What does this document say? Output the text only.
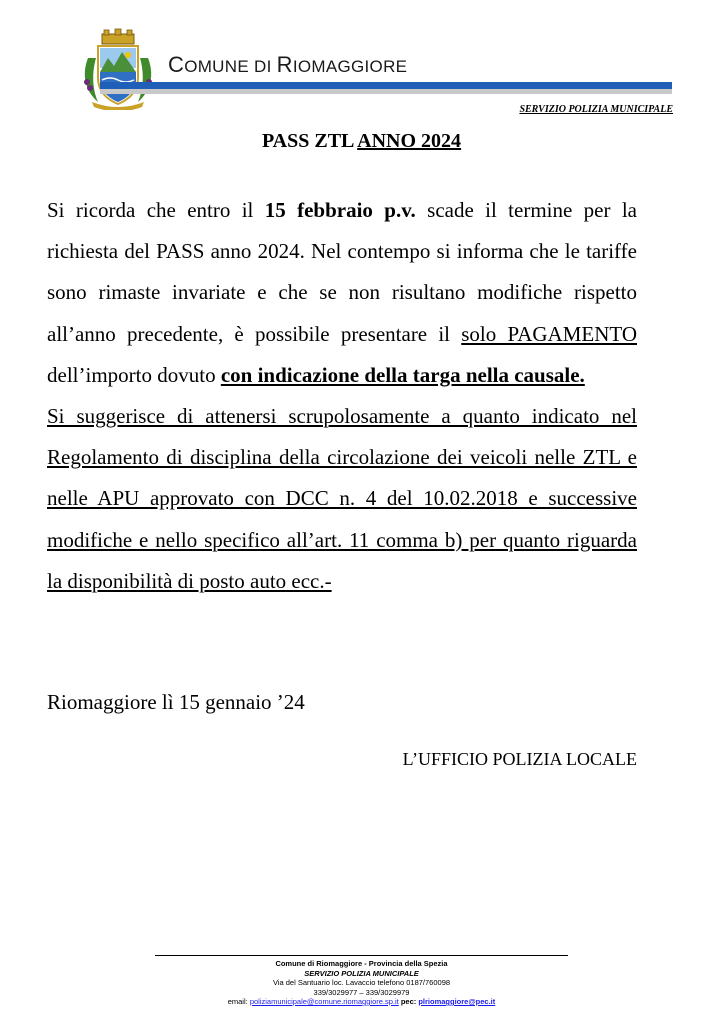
COMUNE DI RIOMAGGIORE
SERVIZIO POLIZIA MUNICIPALE
PASS ZTL ANNO 2024

Si ricorda che entro il 15 febbraio p.v. scade il termine per la richiesta del PASS anno 2024. Nel contempo si informa che le tariffe sono rimaste invariate e che se non risultano modifiche rispetto all’anno precedente, è possibile presentare il solo PAGAMENTO dell’importo dovuto con indicazione della targa nella causale.
Si suggerisce di attenersi scrupolosamente a quanto indicato nel Regolamento di disciplina della circolazione dei veicoli nelle ZTL e nelle APU approvato con DCC n. 4 del 10.02.2018 e successive modifiche e nello specifico all’art. 11 comma b) per quanto riguarda la disponibilità di posto auto ecc.-

Riomaggiore lì 15 gennaio ’24
L’UFFICIO POLIZIA LOCALE
Comune di Riomaggiore - Provincia della Spezia
SERVIZIO POLIZIA MUNICIPALE
Via del Santuario loc. Lavaccio telefono 0187/760098
339/3029977 – 339/3029979
email: poliziamunicipale@comune.riomaggiore.sp.it pec: plriomaggiore@pec.it
